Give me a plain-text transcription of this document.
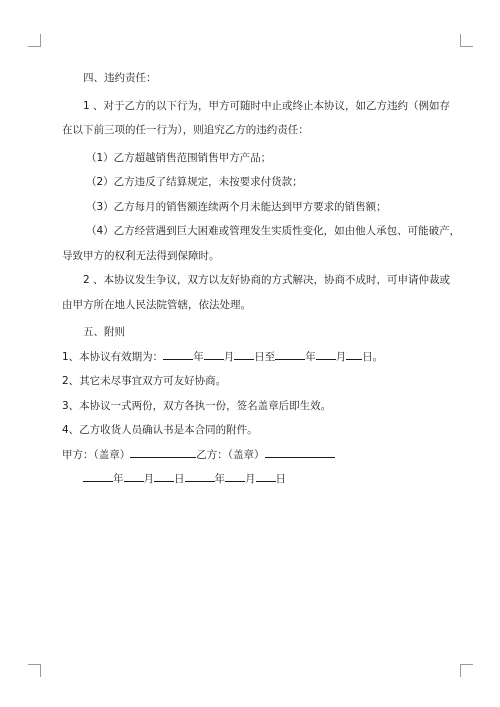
四、违约责任：

1 、对于乙方的以下行为，甲方可随时中止或终止本协议，如乙方违约（例如存

在以下前三项的任一行为），则追究乙方的违约责任：

（1）乙方超越销售范围销售甲方产品；

（2）乙方违反了结算规定，未按要求付货款；

（3）乙方每月的销售额连续两个月未能达到甲方要求的销售额；

（4）乙方经营遇到巨大困难或管理发生实质性变化，如由他人承包、可能破产，

导致甲方的权利无法得到保障时。

2 、本协议发生争议，双方以友好协商的方式解决，协商不成时，可申请仲裁或

由甲方所在地人民法院管辖，依法处理。

五、附则

1、本协议有效期为：	年 月 日至	年 月 日。

2、其它未尽事宜双方可友好协商。

3、本协议一式两份，双方各执一份，签名盖章后即生效。

4、乙方收货人员确认书是本合同的附件。

甲方：（盖章）	乙方：（盖章）

年 月 日	年 月 日
